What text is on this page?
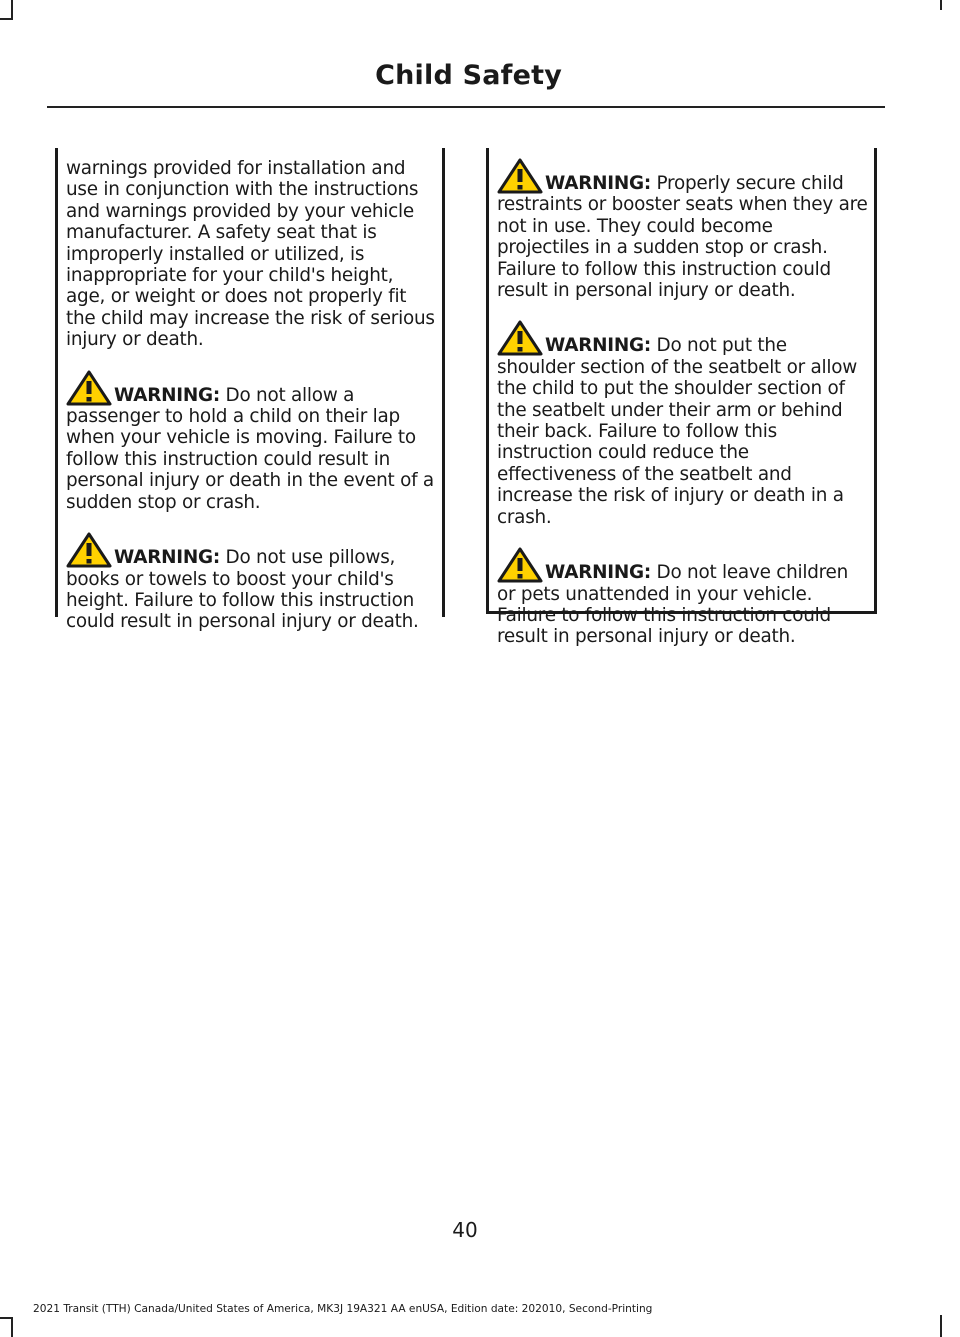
Child Safety

warnings provided for installation and use in conjunction with the instructions and warnings provided by your vehicle manufacturer. A safety seat that is improperly installed or utilized, is inappropriate for your child's height, age, or weight or does not properly fit the child may increase the risk of serious injury or death.

WARNING: Do not allow a passenger to hold a child on their lap when your vehicle is moving. Failure to follow this instruction could result in personal injury or death in the event of a sudden stop or crash.

WARNING: Do not use pillows, books or towels to boost your child's height. Failure to follow this instruction could result in personal injury or death.

WARNING: Properly secure child restraints or booster seats when they are not in use. They could become projectiles in a sudden stop or crash. Failure to follow this instruction could result in personal injury or death.

WARNING: Do not put the shoulder section of the seatbelt or allow the child to put the shoulder section of the seatbelt under their arm or behind their back. Failure to follow this instruction could reduce the effectiveness of the seatbelt and increase the risk of injury or death in a crash.

WARNING: Do not leave children or pets unattended in your vehicle. Failure to follow this instruction could result in personal injury or death.

40
2021 Transit (TTH) Canada/United States of America, MK3J 19A321 AA enUSA, Edition date: 202010, Second-Printing
